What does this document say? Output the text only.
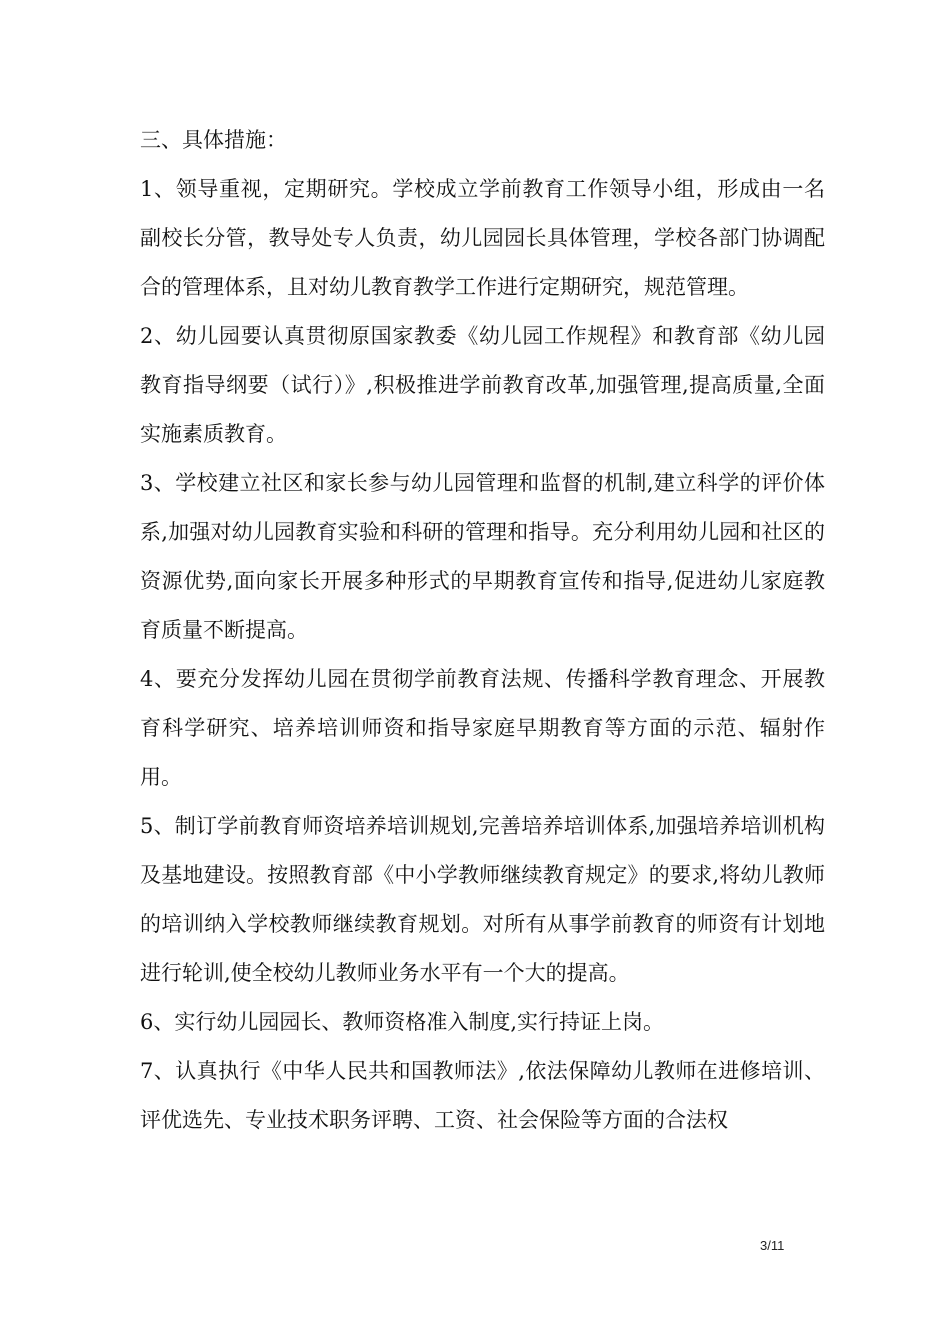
三、具体措施：

1、领导重视，定期研究。学校成立学前教育工作领导小组，形成由一名副校长分管，教导处专人负责，幼儿园园长具体管理，学校各部门协调配合的管理体系，且对幼儿教育教学工作进行定期研究，规范管理。

2、幼儿园要认真贯彻原国家教委《幼儿园工作规程》和教育部《幼儿园教育指导纲要（试行）》,积极推进学前教育改革,加强管理,提高质量,全面实施素质教育。

3、学校建立社区和家长参与幼儿园管理和监督的机制,建立科学的评价体系,加强对幼儿园教育实验和科研的管理和指导。充分利用幼儿园和社区的资源优势,面向家长开展多种形式的早期教育宣传和指导,促进幼儿家庭教育质量不断提高。

4、要充分发挥幼儿园在贯彻学前教育法规、传播科学教育理念、开展教育科学研究、培养培训师资和指导家庭早期教育等方面的示范、辐射作用。

5、制订学前教育师资培养培训规划,完善培养培训体系,加强培养培训机构及基地建设。按照教育部《中小学教师继续教育规定》的要求,将幼儿教师的培训纳入学校教师继续教育规划。对所有从事学前教育的师资有计划地进行轮训,使全校幼儿教师业务水平有一个大的提高。

6、实行幼儿园园长、教师资格准入制度,实行持证上岗。

7、认真执行《中华人民共和国教师法》,依法保障幼儿教师在进修培训、评优选先、专业技术职务评聘、工资、社会保险等方面的合法权

3/11
